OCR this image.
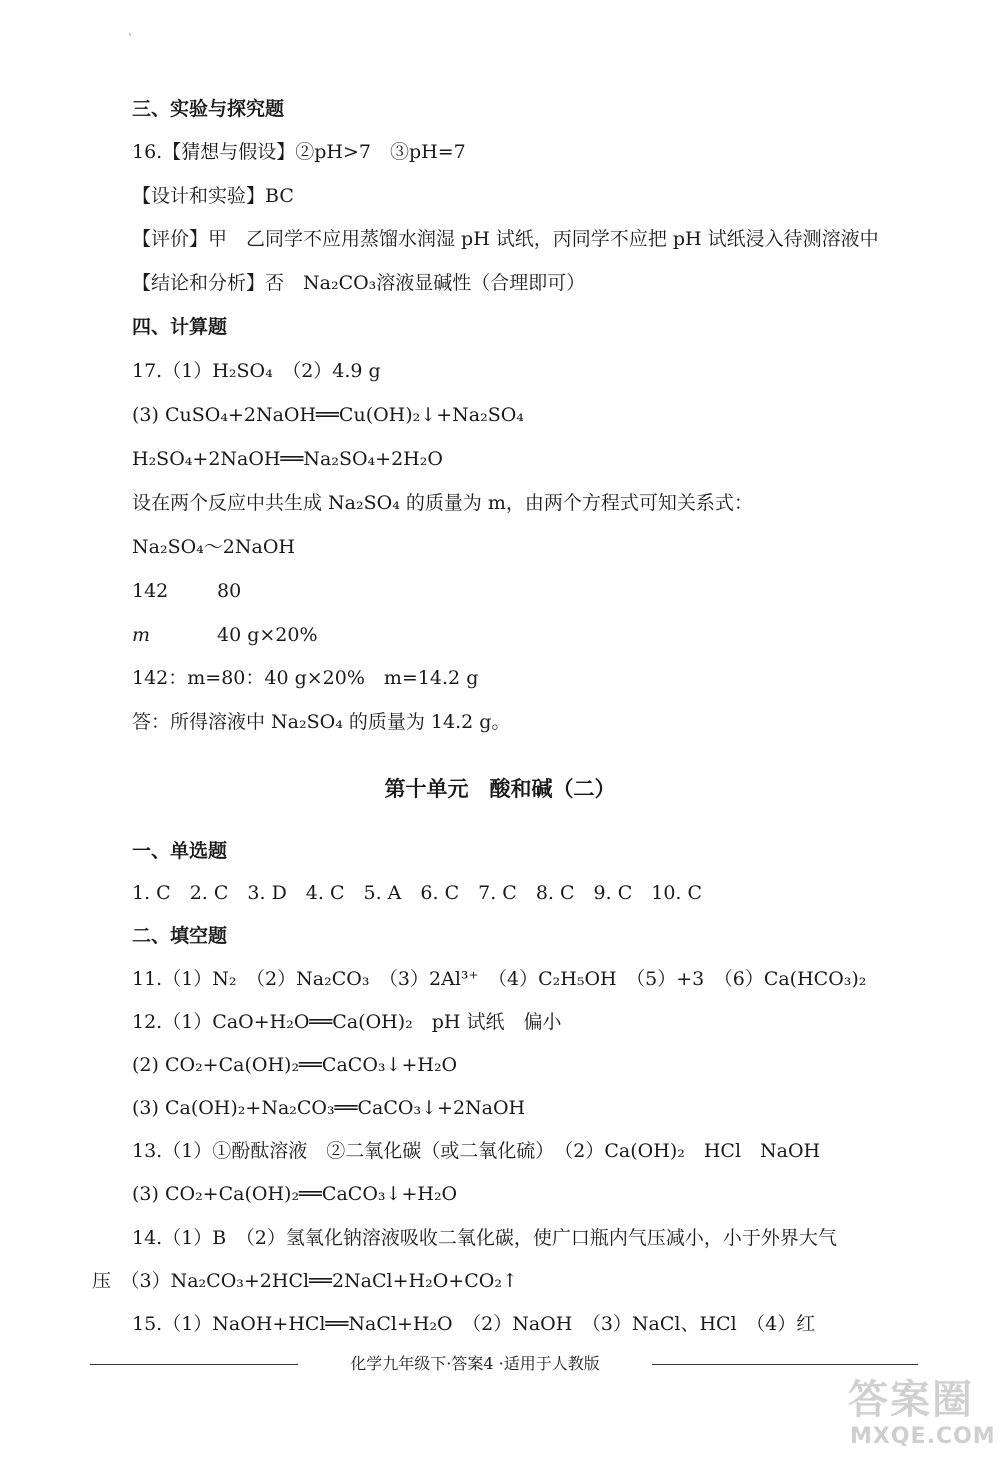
ˋ
三、实验与探究题
16.【猜想与假设】②pH>7　③pH=7
【设计和实验】BC
【评价】甲　乙同学不应用蒸馏水润湿 pH 试纸，丙同学不应把 pH 试纸浸入待测溶液中
【结论和分析】否　Na₂CO₃溶液显碱性（合理即可）
四、计算题
17.（1）H₂SO₄　（2）4.9 g
(3) CuSO₄+2NaOH══Cu(OH)₂↓+Na₂SO₄
H₂SO₄+2NaOH══Na₂SO₄+2H₂O
设在两个反应中共生成 Na₂SO₄ 的质量为 m，由两个方程式可知关系式：
Na₂SO₄～2NaOH
142	80
m	40 g×20%
142：m=80：40 g×20%　m=14.2 g
答：所得溶液中 Na₂SO₄ 的质量为 14.2 g。
第十单元　酸和碱（二）
一、单选题
1. C　2. C　3. D　4. C　5. A　6. C　7. C　8. C　9. C　10. C
二、填空题
11.（1）N₂　（2）Na₂CO₃　（3）2Al³⁺　（4）C₂H₅OH　（5）+3　（6）Ca(HCO₃)₂
12.（1）CaO+H₂O══Ca(OH)₂　pH 试纸　偏小
(2) CO₂+Ca(OH)₂══CaCO₃↓+H₂O
(3) Ca(OH)₂+Na₂CO₃══CaCO₃↓+2NaOH
13.（1）①酚酞溶液　②二氧化碳（或二氧化硫）　（2）Ca(OH)₂　HCl　NaOH
(3) CO₂+Ca(OH)₂══CaCO₃↓+H₂O
14.（1）B　（2）氢氧化钠溶液吸收二氧化碳，使广口瓶内气压减小，小于外界大气
压　（3）Na₂CO₃+2HCl══2NaCl+H₂O+CO₂↑
15.（1）NaOH+HCl══NaCl+H₂O　（2）NaOH　（3）NaCl、HCl　（4）红
化学九年级下·答案4 ·适用于人教版
答案圈
MXQE.COM
